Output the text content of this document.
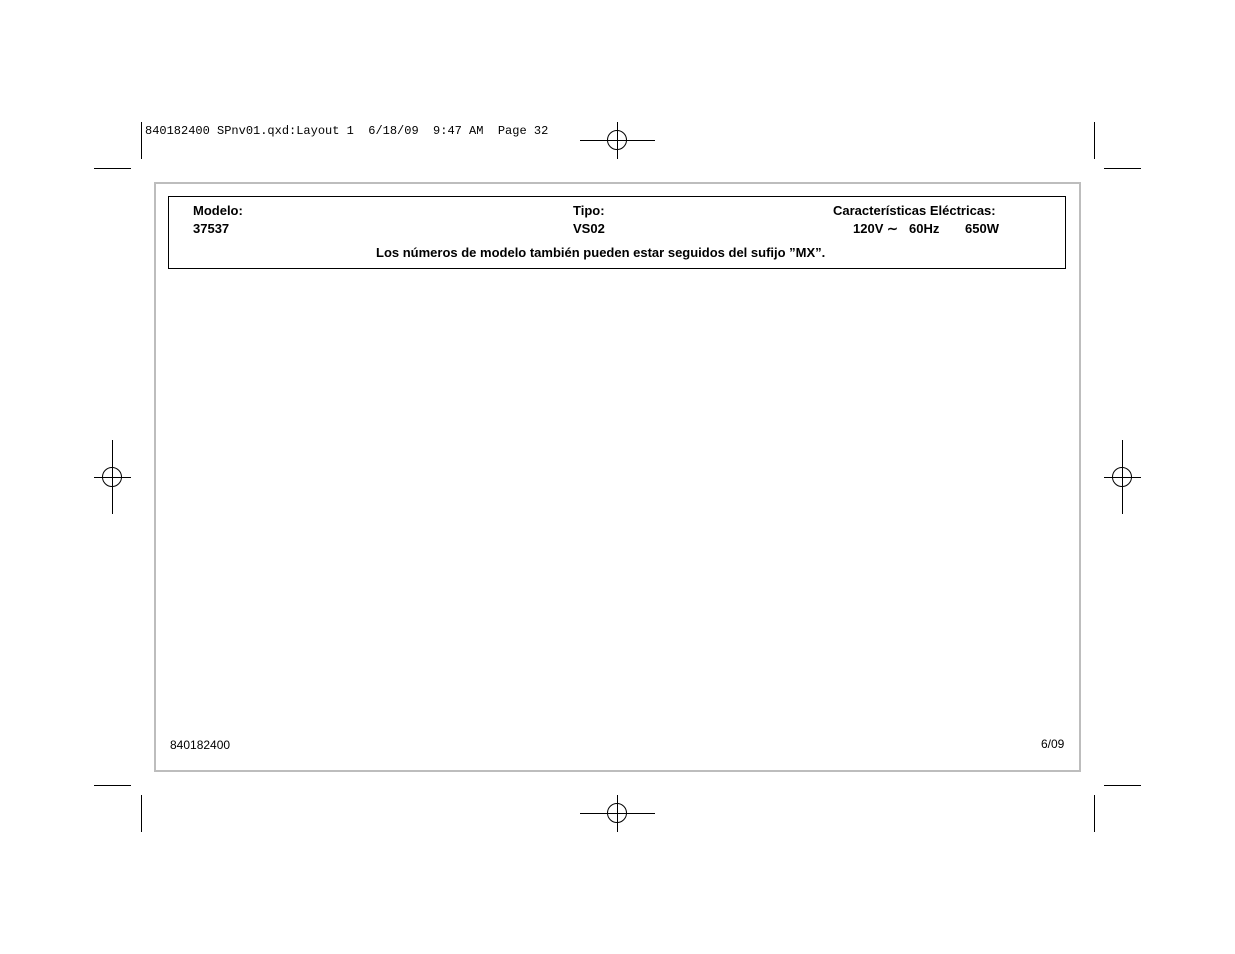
840182400 SPnv01.qxd:Layout 1  6/18/09  9:47 AM  Page 32
Modelo:
37537
Tipo:
VS02
Características Eléctricas:
120V ∼ 60Hz 650W
Los números de modelo también pueden estar seguidos del sufijo ”MX”.
840182400	6/09
